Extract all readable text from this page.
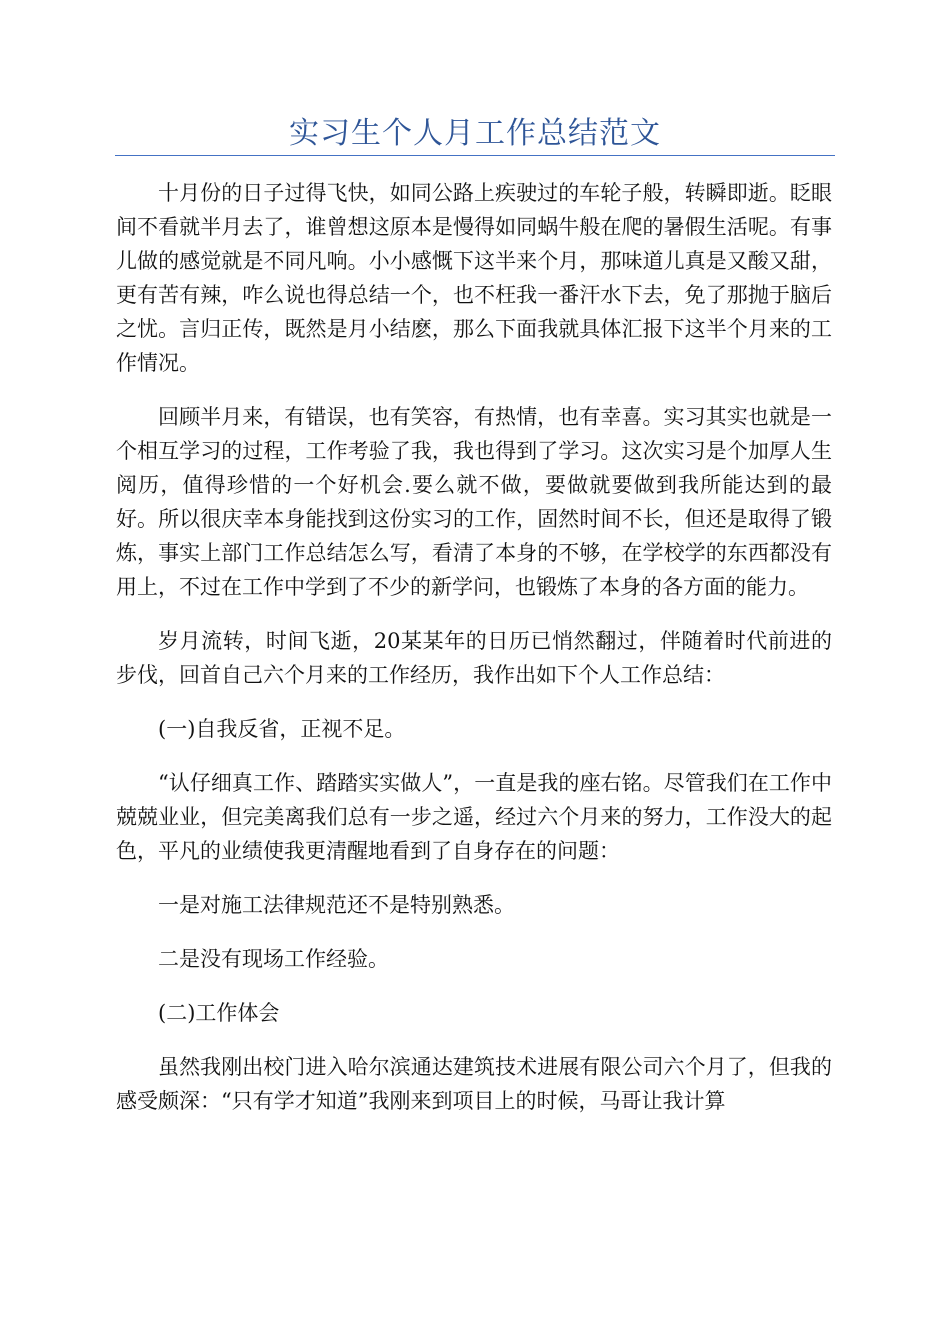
实习生个人月工作总结范文

十月份的日子过得飞快，如同公路上疾驶过的车轮子般，转瞬即逝。眨眼间不看就半月去了，谁曾想这原本是慢得如同蜗牛般在爬的暑假生活呢。有事儿做的感觉就是不同凡响。小小感慨下这半来个月，那味道儿真是又酸又甜，更有苦有辣，咋么说也得总结一个，也不枉我一番汗水下去，免了那抛于脑后之忧。言归正传，既然是月小结麽，那么下面我就具体汇报下这半个月来的工作情况。

回顾半月来，有错误，也有笑容，有热情，也有幸喜。实习其实也就是一个相互学习的过程，工作考验了我，我也得到了学习。这次实习是个加厚人生阅历，值得珍惜的一个好机会.要么就不做，要做就要做到我所能达到的最好。所以很庆幸本身能找到这份实习的工作，固然时间不长，但还是取得了锻炼，事实上部门工作总结怎么写，看清了本身的不够，在学校学的东西都没有用上，不过在工作中学到了不少的新学问，也锻炼了本身的各方面的能力。

岁月流转，时间飞逝，20某某年的日历已悄然翻过，伴随着时代前进的步伐，回首自己六个月来的工作经历，我作出如下个人工作总结：

(一)自我反省，正视不足。

“认仔细真工作、踏踏实实做人”，一直是我的座右铭。尽管我们在工作中兢兢业业，但完美离我们总有一步之遥，经过六个月来的努力，工作没大的起色，平凡的业绩使我更清醒地看到了自身存在的问题：

一是对施工法律规范还不是特别熟悉。

二是没有现场工作经验。

(二)工作体会

虽然我刚出校门进入哈尔滨通达建筑技术进展有限公司六个月了，但我的感受颇深：“只有学才知道”我刚来到项目上的时候，马哥让我计算
